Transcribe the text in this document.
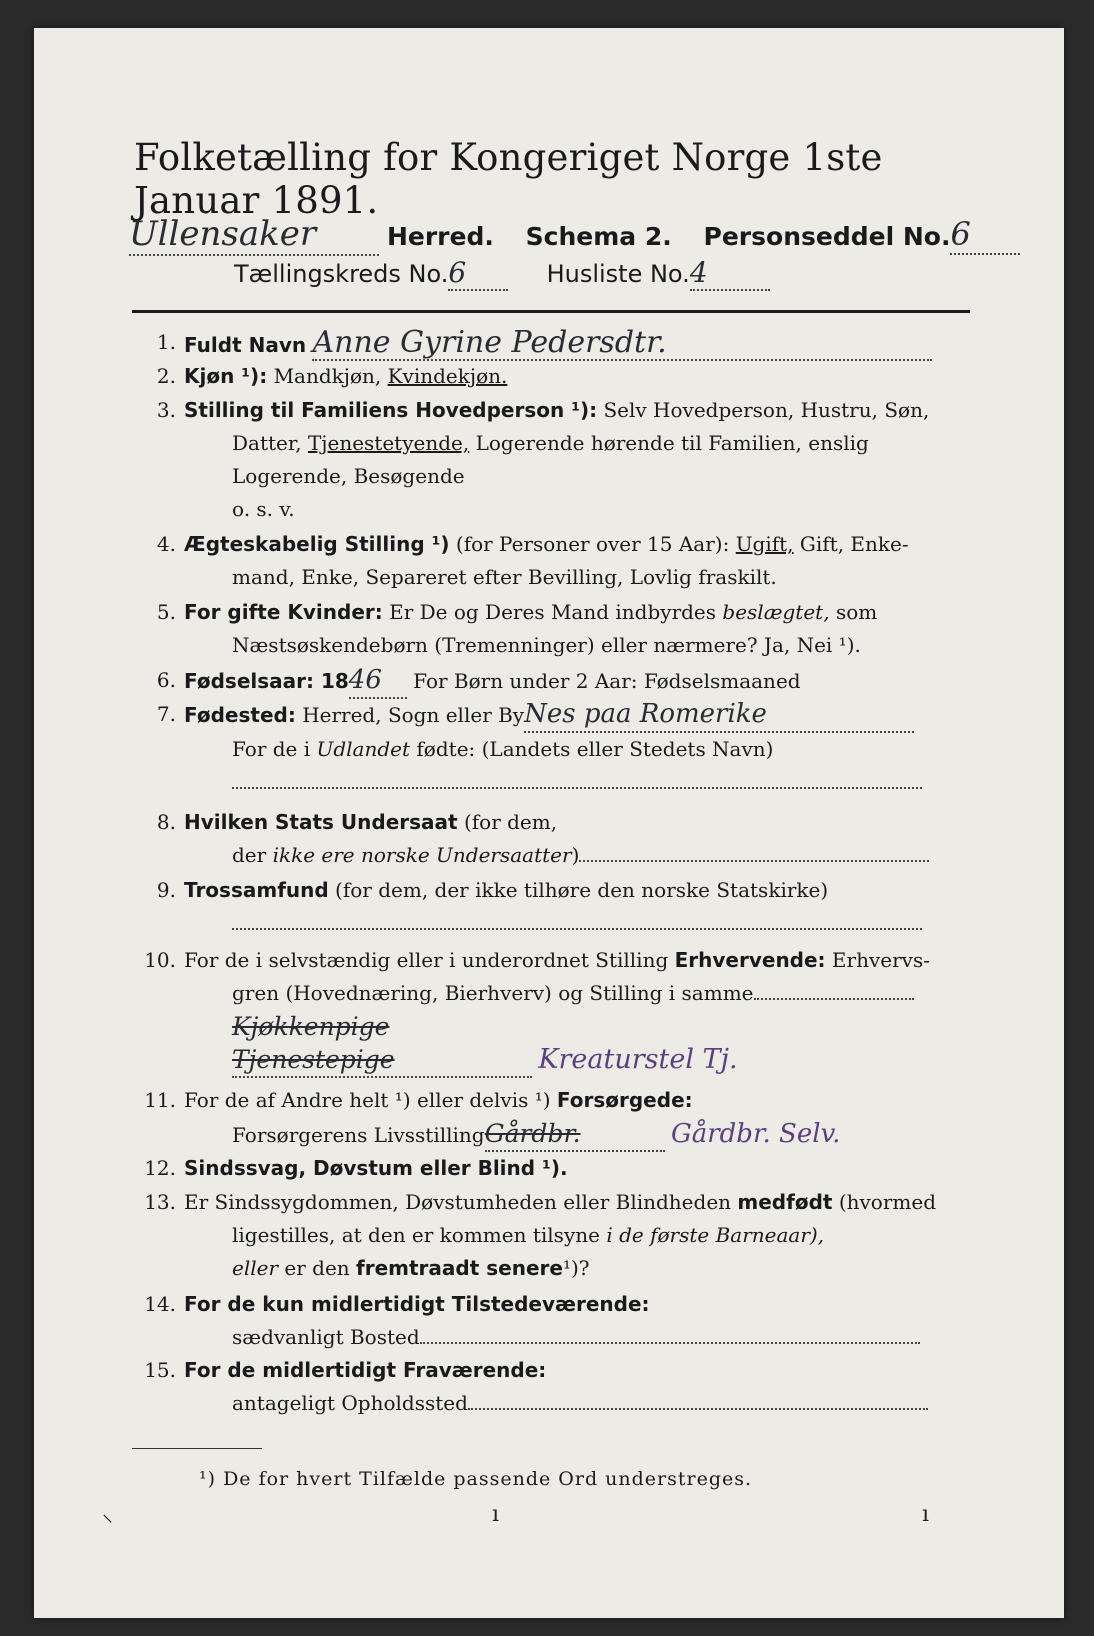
Folketælling for Kongeriget Norge 1ste Januar 1891.
Ullensaker	Herred. Schema 2. Personseddel No.6
Tællingskreds No.6	Husliste No.4
1. Fuldt Navn Anne Gyrine Pedersdtr.
2. Kjøn ¹): Mandkjøn, Kvindekjøn.
3. Stilling til Familiens Hovedperson ¹): Selv Hovedperson, Hustru, Søn,
Datter, Tjenestetyende, Logerende hørende til Familien, enslig
Logerende, Besøgende
o. s. v.
4. Ægteskabelig Stilling ¹) (for Personer over 15 Aar): Ugift, Gift, Enke-
mand, Enke, Separeret efter Bevilling, Lovlig fraskilt.
5. For gifte Kvinder: Er De og Deres Mand indbyrdes beslægtet, som
Næstsøskendebørn (Tremenninger) eller nærmere? Ja, Nei ¹).
6. Fødselsaar: 1846 For Børn under 2 Aar: Fødselsmaaned
7. Fødested: Herred, Sogn eller ByNes paa Romerike
For de i Udlandet fødte: (Landets eller Stedets Navn)

8. Hvilken Stats Undersaat (for dem,
der ikke ere norske Undersaatter)
9. Trossamfund (for dem, der ikke tilhøre den norske Statskirke)

10. For de i selvstændig eller i underordnet Stilling Erhvervende: Erhvervs-
gren (Hovednæring, Bierhverv) og Stilling i samme
Kjøkkenpige Tjenestepige	Kreaturstel Tj.
11. For de af Andre helt ¹) eller delvis ¹) Forsørgede:
Forsørgerens LivsstillingGårdbr.	Gårdbr. Selv.
12. Sindssvag, Døvstum eller Blind ¹).
13. Er Sindssygdommen, Døvstumheden eller Blindheden medfødt (hvormed
ligestilles, at den er kommen tilsyne i de første Barneaar),
eller er den fremtraadt senere¹)?
14. For de kun midlertidigt Tilstedeværende:
sædvanligt Bosted
15. For de midlertidigt Fraværende:
antageligt Opholdssted
¹) De for hvert Tilfælde passende Ord understreges.
⸜	ı	ı
